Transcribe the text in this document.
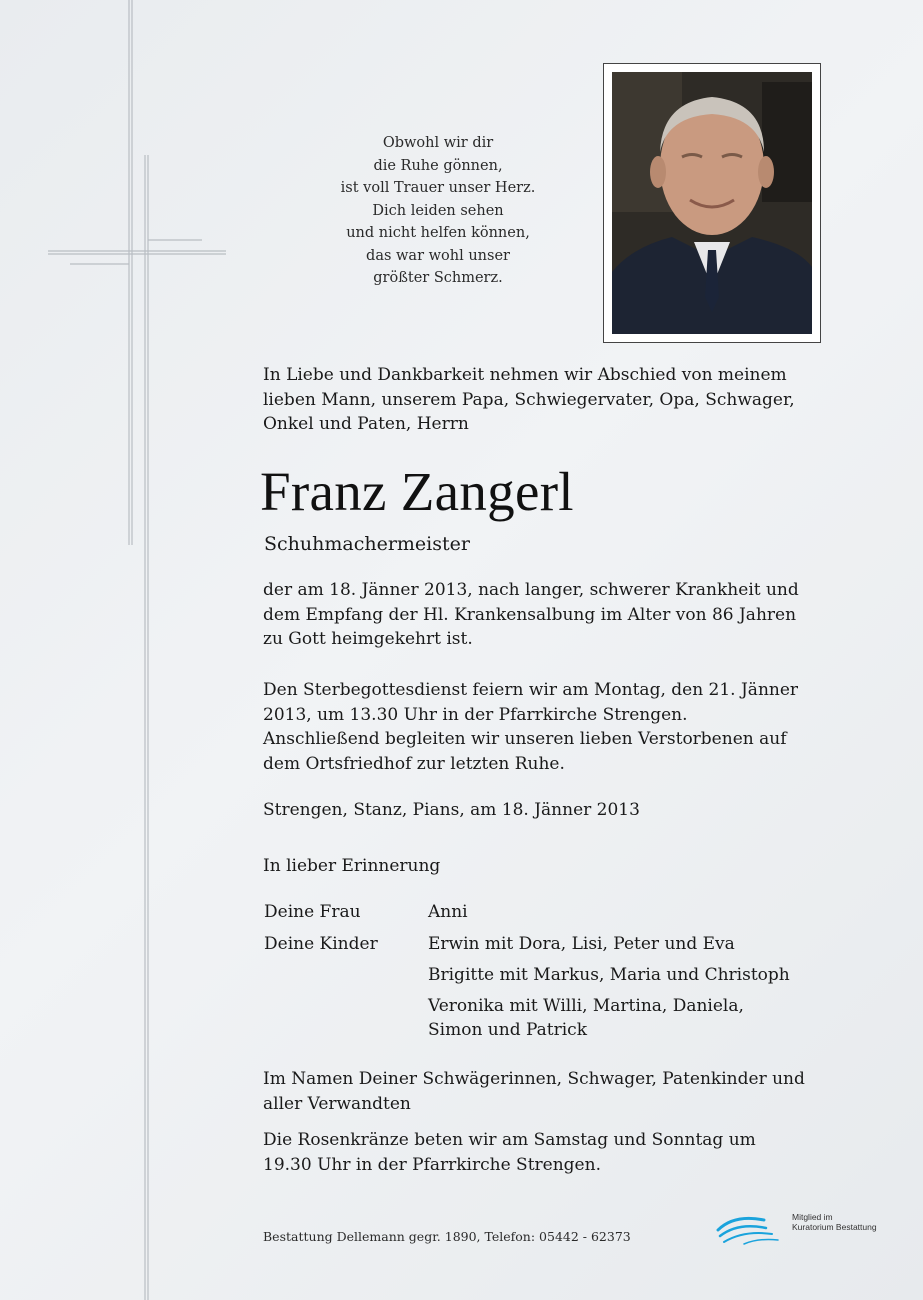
Obwohl wir dir
die Ruhe gönnen,
ist voll Trauer unser Herz.
Dich leiden sehen
und nicht helfen können,
das war wohl unser
größter Schmerz.
In Liebe und Dankbarkeit nehmen wir Abschied von meinem
lieben Mann, unserem Papa, Schwiegervater, Opa, Schwager,
Onkel und Paten, Herrn
Franz Zangerl
Schuhmachermeister
der am 18. Jänner 2013, nach langer, schwerer Krankheit und
dem Empfang der Hl. Krankensalbung im Alter von 86 Jahren
zu Gott heimgekehrt ist.
Den Sterbegottesdienst feiern wir am Montag, den 21. Jänner
2013, um 13.30 Uhr in der Pfarrkirche Strengen.
Anschließend begleiten wir unseren lieben Verstorbenen auf
dem Ortsfriedhof zur letzten Ruhe.
Strengen, Stanz, Pians, am 18. Jänner 2013
In lieber Erinnerung
Deine Frau	Anni
Deine Kinder	Erwin mit Dora, Lisi, Peter und Eva
Brigitte mit Markus, Maria und Christoph
Veronika mit Willi, Martina, Daniela,
Simon und Patrick
Im Namen Deiner Schwägerinnen, Schwager, Patenkinder und
aller Verwandten
Die Rosenkränze beten wir am Samstag und Sonntag um
19.30 Uhr in der Pfarrkirche Strengen.
Bestattung Dellemann gegr. 1890, Telefon: 05442 - 62373
Mitglied im
Kuratorium Bestattung
